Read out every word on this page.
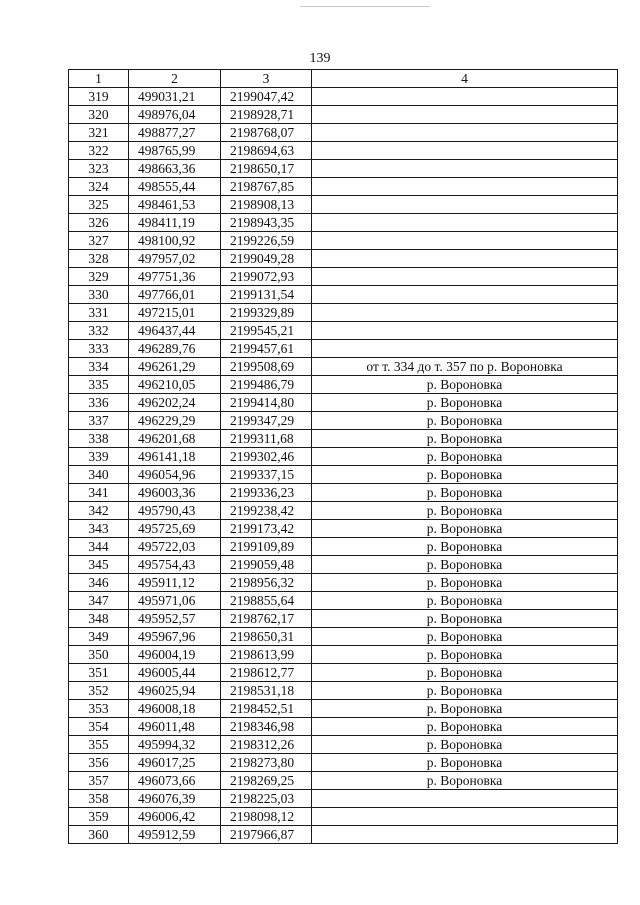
139
1	2	3	4
319	499031,21	2199047,42	
320	498976,04	2198928,71	
321	498877,27	2198768,07	
322	498765,99	2198694,63	
323	498663,36	2198650,17	
324	498555,44	2198767,85	
325	498461,53	2198908,13	
326	498411,19	2198943,35	
327	498100,92	2199226,59	
328	497957,02	2199049,28	
329	497751,36	2199072,93	
330	497766,01	2199131,54	
331	497215,01	2199329,89	
332	496437,44	2199545,21	
333	496289,76	2199457,61	
334	496261,29	2199508,69	от т. 334 до т. 357 по р. Вороновка
335	496210,05	2199486,79	р. Вороновка
336	496202,24	2199414,80	р. Вороновка
337	496229,29	2199347,29	р. Вороновка
338	496201,68	2199311,68	р. Вороновка
339	496141,18	2199302,46	р. Вороновка
340	496054,96	2199337,15	р. Вороновка
341	496003,36	2199336,23	р. Вороновка
342	495790,43	2199238,42	р. Вороновка
343	495725,69	2199173,42	р. Вороновка
344	495722,03	2199109,89	р. Вороновка
345	495754,43	2199059,48	р. Вороновка
346	495911,12	2198956,32	р. Вороновка
347	495971,06	2198855,64	р. Вороновка
348	495952,57	2198762,17	р. Вороновка
349	495967,96	2198650,31	р. Вороновка
350	496004,19	2198613,99	р. Вороновка
351	496005,44	2198612,77	р. Вороновка
352	496025,94	2198531,18	р. Вороновка
353	496008,18	2198452,51	р. Вороновка
354	496011,48	2198346,98	р. Вороновка
355	495994,32	2198312,26	р. Вороновка
356	496017,25	2198273,80	р. Вороновка
357	496073,66	2198269,25	р. Вороновка
358	496076,39	2198225,03	
359	496006,42	2198098,12	
360	495912,59	2197966,87	
